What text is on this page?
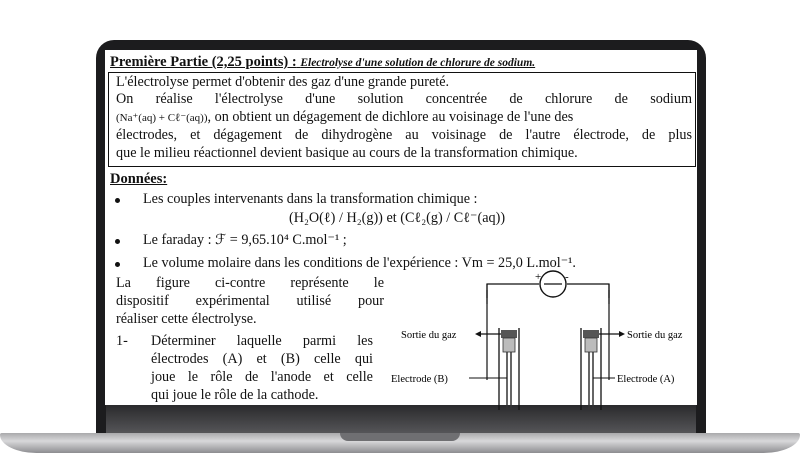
Première Partie (2,25 points) : Electrolyse d'une solution de chlorure de sodium.
L'électrolyse permet d'obtenir des gaz d'une grande pureté.
On réalise l'électrolyse d'une solution concentrée de chlorure de sodium
(Na⁺(aq) + Cℓ⁻(aq)), on obtient un dégagement de dichlore au voisinage de l'une des
électrodes, et dégagement de dihydrogène au voisinage de l'autre électrode, de plus
que le milieu réactionnel devient basique au cours de la transformation chimique.
Données:
Les couples intervenants dans la transformation chimique :
(H₂O(ℓ) / H₂(g)) et (Cℓ₂(g) / Cℓ⁻(aq))
Le faraday : ℱ = 9,65.10⁴ C.mol⁻¹ ;
Le volume molaire dans les conditions de l'expérience : Vm = 25,0 L.mol⁻¹.
La figure ci-contre représente le
dispositif expérimental utilisé pour
réaliser cette électrolyse.
1- Déterminer laquelle parmi les
électrodes (A) et (B) celle qui
joue le rôle de l'anode et celle
qui joue le rôle de la cathode.
+ -
Sortie du gaz	Sortie du gaz
Electrode (B)	Electrode (A)
